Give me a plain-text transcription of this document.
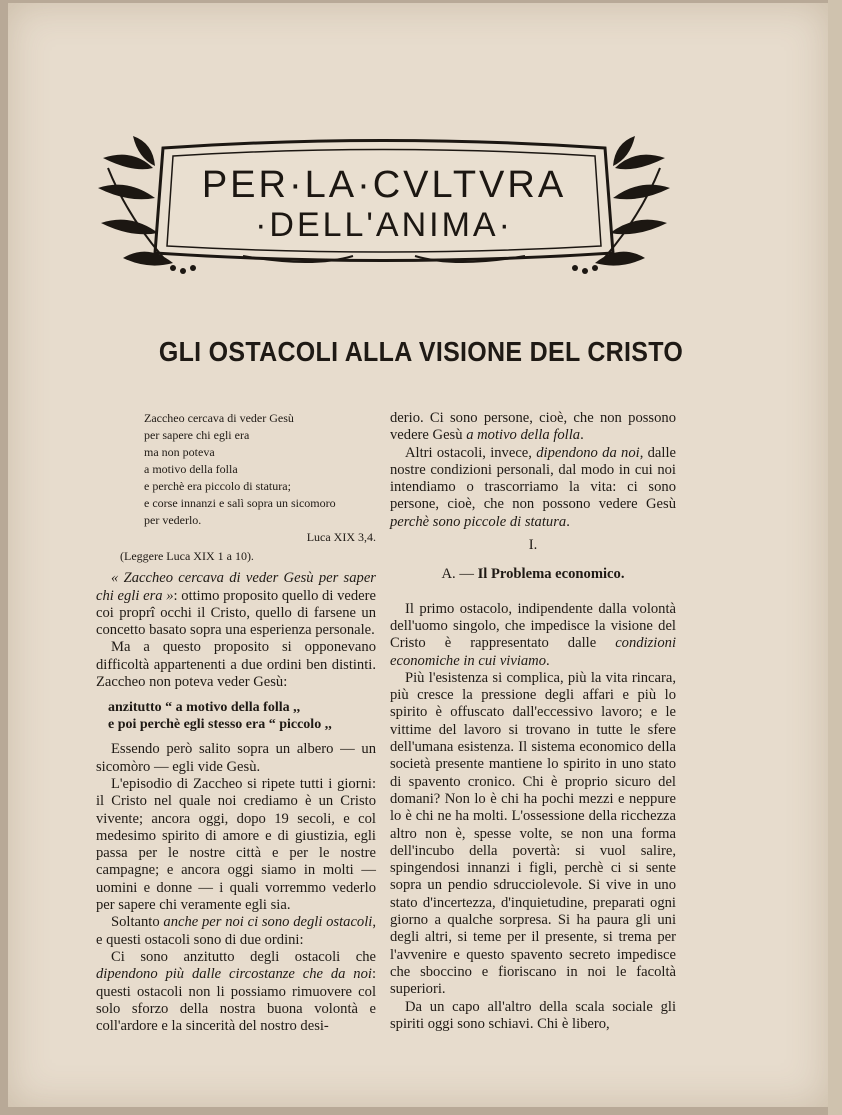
PER·LA·CVLTVRA
·DELL'ANIMA·
GLI OSTACOLI ALLA VISIONE DEL CRISTO
Zaccheo cercava di veder Gesù
per sapere chi egli era
ma non poteva
a motivo della folla
e perchè era piccolo di statura;
e corse innanzi e salì sopra un sicomoro
per vederlo.
Luca XIX 3,4.
(Leggere Luca XIX 1 a 10).

« Zaccheo cercava di veder Gesù per saper chi egli era »: ottimo proposito quello di vedere coi proprî occhi il Cristo, quello di farsene un concetto basato sopra una esperienza personale.

Ma a questo proposito si opponevano difficoltà appartenenti a due ordini ben distinti. Zaccheo non poteva veder Gesù:

anzitutto “ a motivo della folla ,,
e poi perchè egli stesso era “ piccolo ,,

Essendo però salito sopra un albero — un sicomòro — egli vide Gesù.

L'episodio di Zaccheo si ripete tutti i giorni: il Cristo nel quale noi crediamo è un Cristo vivente; ancora oggi, dopo 19 secoli, e col medesimo spirito di amore e di giustizia, egli passa per le nostre città e per le nostre campagne; e ancora oggi siamo in molti — uomini e donne — i quali vorremmo vederlo per sapere chi veramente egli sia.

Soltanto anche per noi ci sono degli ostacoli, e questi ostacoli sono di due ordini:

Ci sono anzitutto degli ostacoli che dipendono più dalle circostanze che da noi: questi ostacoli non li possiamo rimuovere col solo sforzo della nostra buona volontà e coll'ardore e la sincerità del nostro desi-

derio. Ci sono persone, cioè, che non possono vedere Gesù a motivo della folla.

Altri ostacoli, invece, dipendono da noi, dalle nostre condizioni personali, dal modo in cui noi intendiamo o trascorriamo la vita: ci sono persone, cioè, che non possono vedere Gesù perchè sono piccole di statura.

I.
A. — Il Problema economico.

Il primo ostacolo, indipendente dalla volontà dell'uomo singolo, che impedisce la visione del Cristo è rappresentato dalle condizioni economiche in cui viviamo.

Più l'esistenza si complica, più la vita rincara, più cresce la pressione degli affari e più lo spirito è offuscato dall'eccessivo lavoro; e le vittime del lavoro si trovano in tutte le sfere dell'umana esistenza. Il sistema economico della società presente mantiene lo spirito in uno stato di spavento cronico. Chi è proprio sicuro del domani? Non lo è chi ha pochi mezzi e neppure lo è chi ne ha molti. L'ossessione della ricchezza altro non è, spesse volte, se non una forma dell'incubo della povertà: si vuol salire, spingendosi innanzi i figli, perchè ci si sente sopra un pendio sdrucciolevole. Si vive in uno stato d'incertezza, d'inquietudine, preparati ogni giorno a qualche sorpresa. Si ha paura gli uni degli altri, si teme per il presente, si trema per l'avvenire e questo spavento secreto impedisce che sboccino e fioriscano in noi le facoltà superiori.

Da un capo all'altro della scala sociale gli spiriti oggi sono schiavi. Chi è libero,
